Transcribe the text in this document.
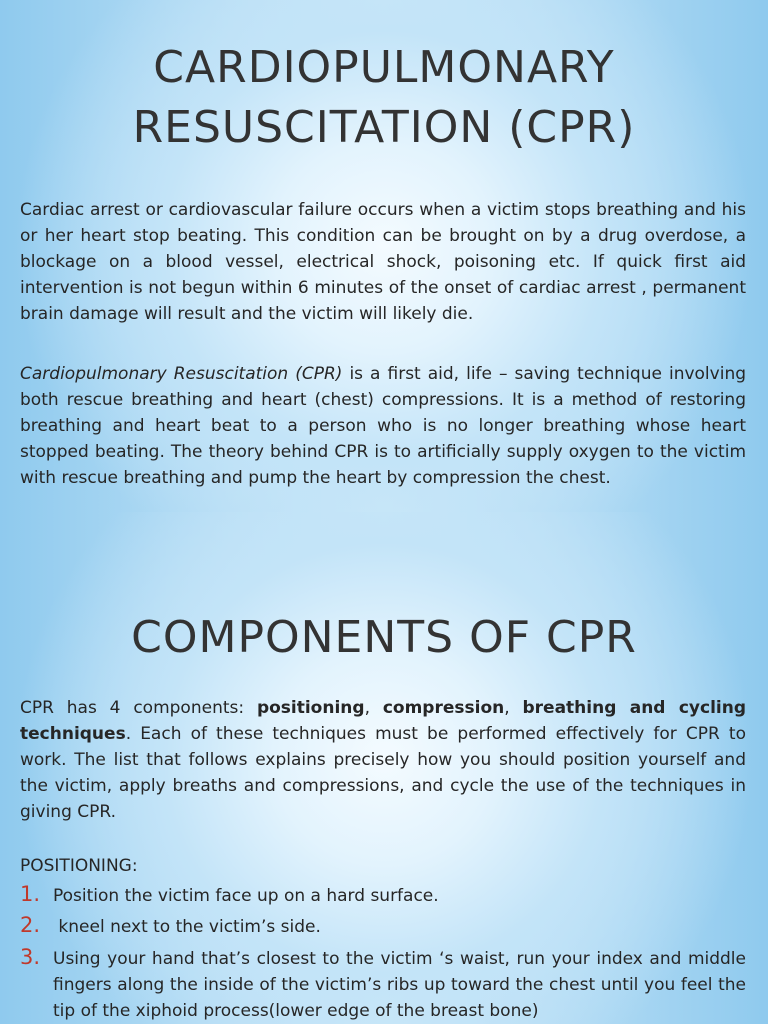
CARDIOPULMONARY
RESUSCITATION (CPR)

Cardiac arrest or cardiovascular failure occurs when a victim stops breathing and his or her heart stop beating. This condition can be brought on by a drug overdose, a blockage on a blood vessel, electrical shock, poisoning etc. If quick first aid intervention is not begun within 6 minutes of the onset of cardiac arrest , permanent brain damage will result and the victim will likely die.

Cardiopulmonary Resuscitation (CPR) is a first aid, life – saving technique involving both rescue breathing and heart (chest) compressions. It is a method of restoring breathing and heart beat to a person who is no longer breathing whose heart stopped beating. The theory behind CPR is to artificially supply oxygen to the victim with rescue breathing and pump the heart by compression the chest.

COMPONENTS OF CPR

CPR has 4 components: positioning, compression, breathing and cycling techniques. Each of these techniques must be performed effectively for CPR to work. The list that follows explains precisely how you should position yourself and the victim, apply breaths and compressions, and cycle the use of the techniques in giving CPR.

POSITIONING:

1. Position the victim face up on a hard surface.
2. kneel next to the victim’s side.
3. Using your hand that’s closest to the victim ‘s waist, run your index and middle fingers along the inside of the victim’s ribs up toward the chest until you feel the tip of the xiphoid process(lower edge of the breast bone)
